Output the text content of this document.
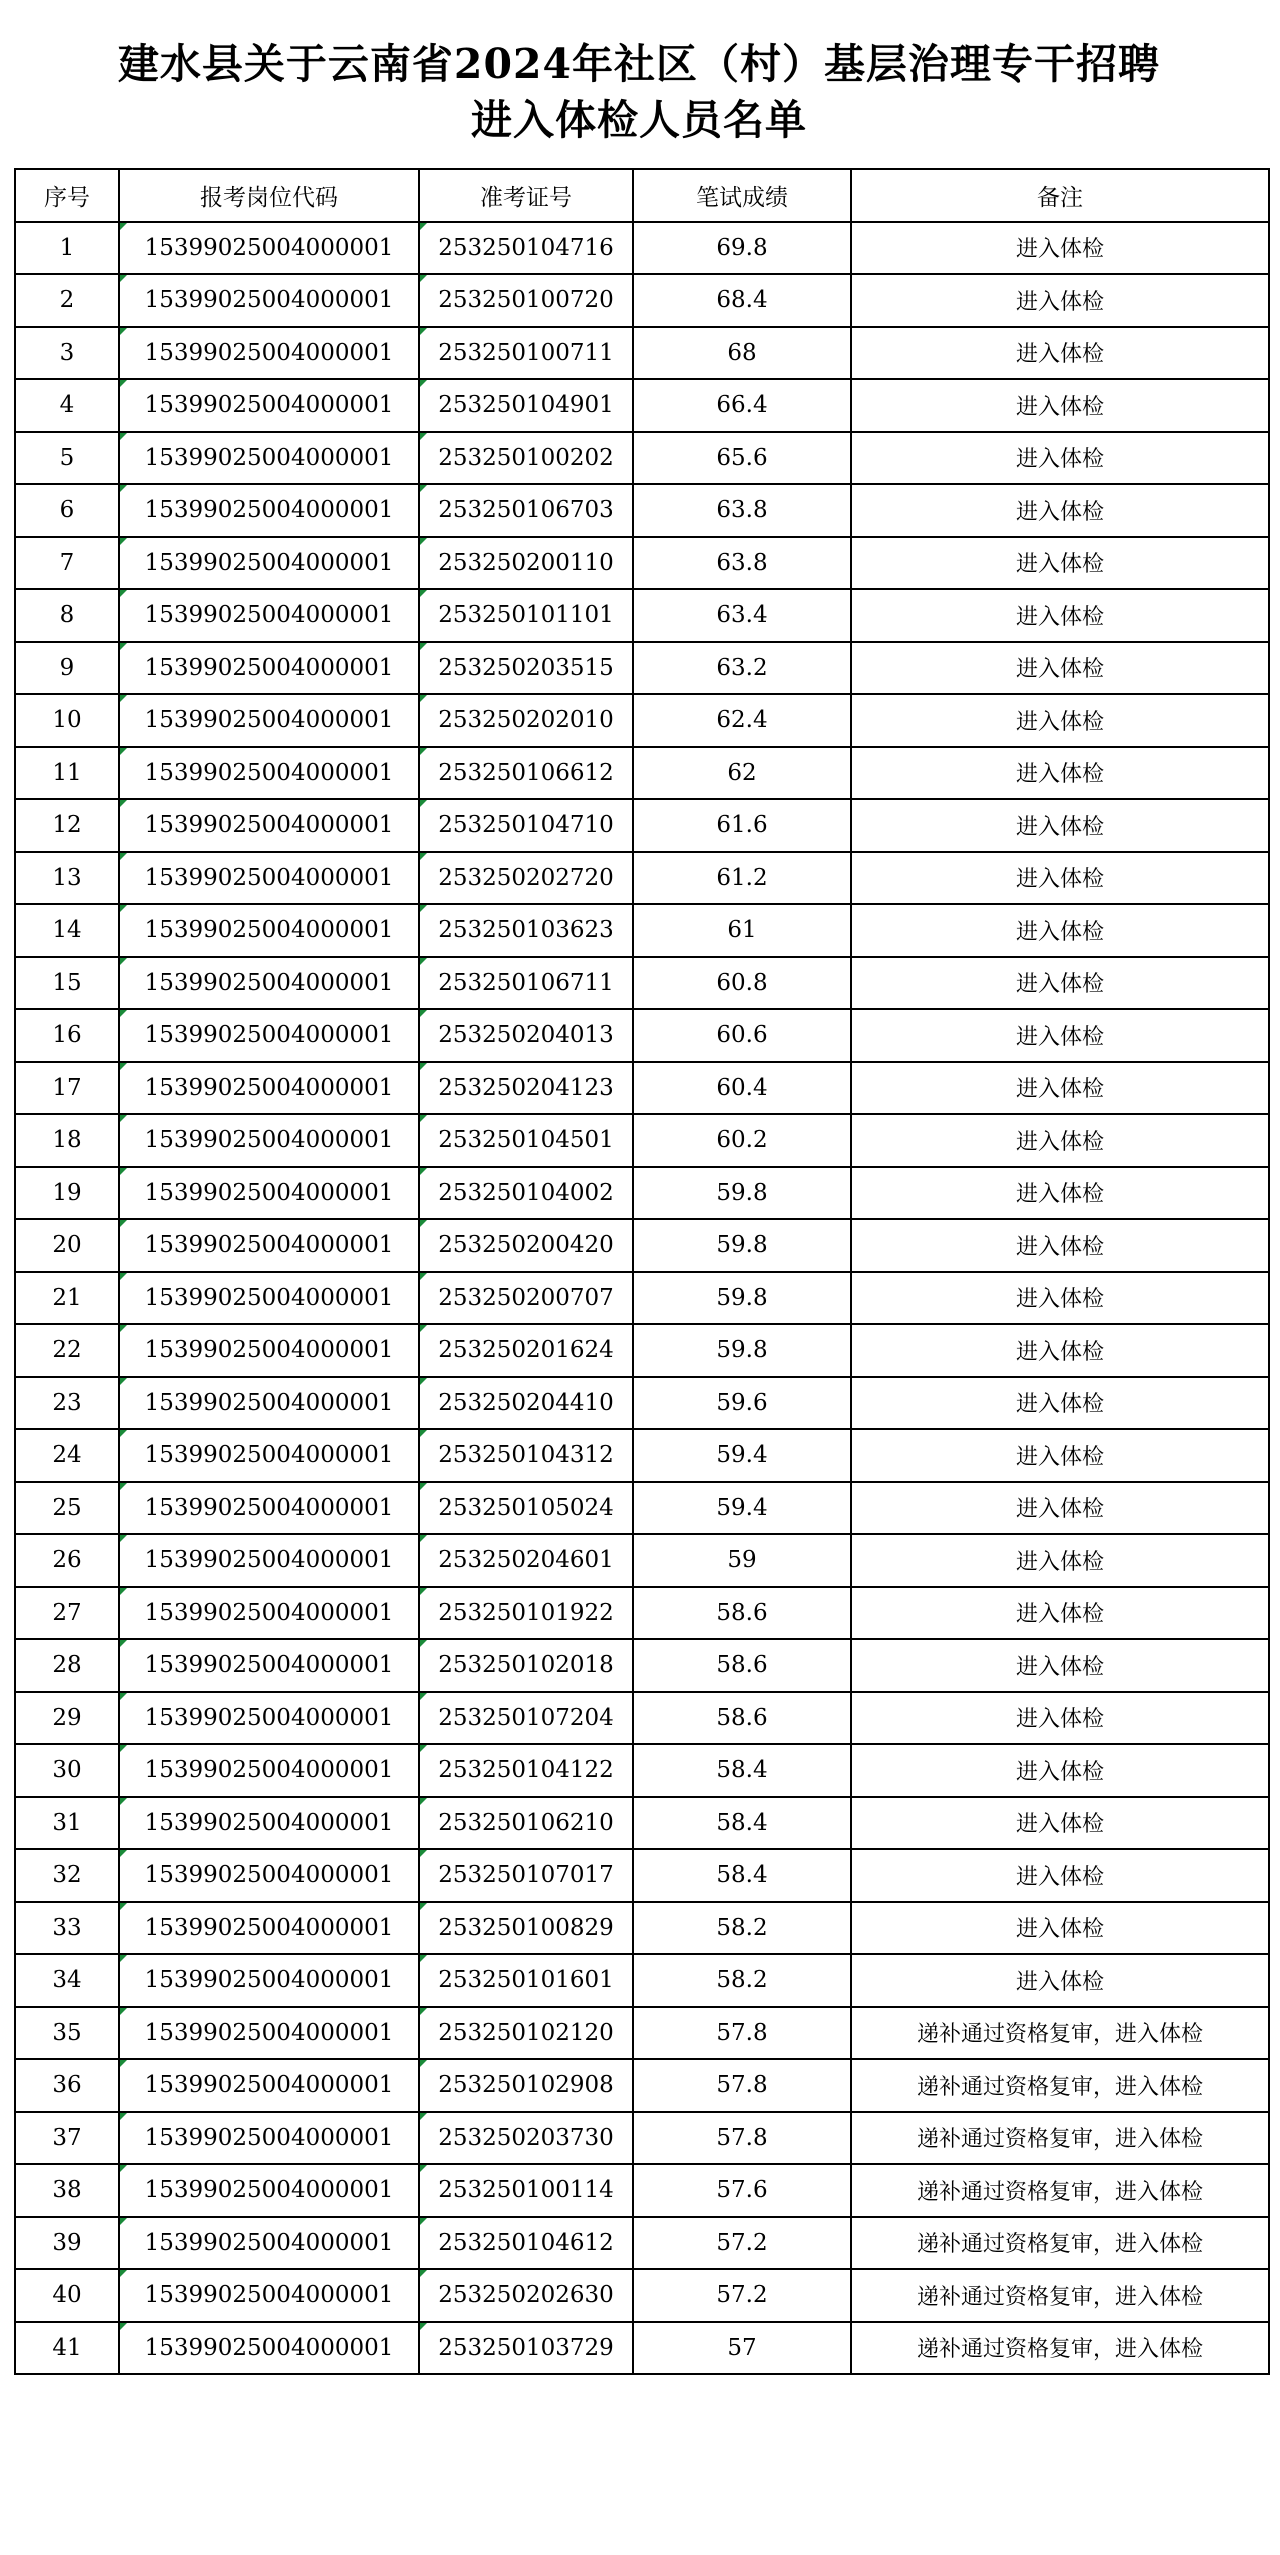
建水县关于云南省2024年社区（村）基层治理专干招聘
进入体检人员名单
序号	报考岗位代码	准考证号	笔试成绩	备注
1	15399025004000001	253250104716	69.8	进入体检
2	15399025004000001	253250100720	68.4	进入体检
3	15399025004000001	253250100711	68	进入体检
4	15399025004000001	253250104901	66.4	进入体检
5	15399025004000001	253250100202	65.6	进入体检
6	15399025004000001	253250106703	63.8	进入体检
7	15399025004000001	253250200110	63.8	进入体检
8	15399025004000001	253250101101	63.4	进入体检
9	15399025004000001	253250203515	63.2	进入体检
10	15399025004000001	253250202010	62.4	进入体检
11	15399025004000001	253250106612	62	进入体检
12	15399025004000001	253250104710	61.6	进入体检
13	15399025004000001	253250202720	61.2	进入体检
14	15399025004000001	253250103623	61	进入体检
15	15399025004000001	253250106711	60.8	进入体检
16	15399025004000001	253250204013	60.6	进入体检
17	15399025004000001	253250204123	60.4	进入体检
18	15399025004000001	253250104501	60.2	进入体检
19	15399025004000001	253250104002	59.8	进入体检
20	15399025004000001	253250200420	59.8	进入体检
21	15399025004000001	253250200707	59.8	进入体检
22	15399025004000001	253250201624	59.8	进入体检
23	15399025004000001	253250204410	59.6	进入体检
24	15399025004000001	253250104312	59.4	进入体检
25	15399025004000001	253250105024	59.4	进入体检
26	15399025004000001	253250204601	59	进入体检
27	15399025004000001	253250101922	58.6	进入体检
28	15399025004000001	253250102018	58.6	进入体检
29	15399025004000001	253250107204	58.6	进入体检
30	15399025004000001	253250104122	58.4	进入体检
31	15399025004000001	253250106210	58.4	进入体检
32	15399025004000001	253250107017	58.4	进入体检
33	15399025004000001	253250100829	58.2	进入体检
34	15399025004000001	253250101601	58.2	进入体检
35	15399025004000001	253250102120	57.8	递补通过资格复审，进入体检
36	15399025004000001	253250102908	57.8	递补通过资格复审，进入体检
37	15399025004000001	253250203730	57.8	递补通过资格复审，进入体检
38	15399025004000001	253250100114	57.6	递补通过资格复审，进入体检
39	15399025004000001	253250104612	57.2	递补通过资格复审，进入体检
40	15399025004000001	253250202630	57.2	递补通过资格复审，进入体检
41	15399025004000001	253250103729	57	递补通过资格复审，进入体检
